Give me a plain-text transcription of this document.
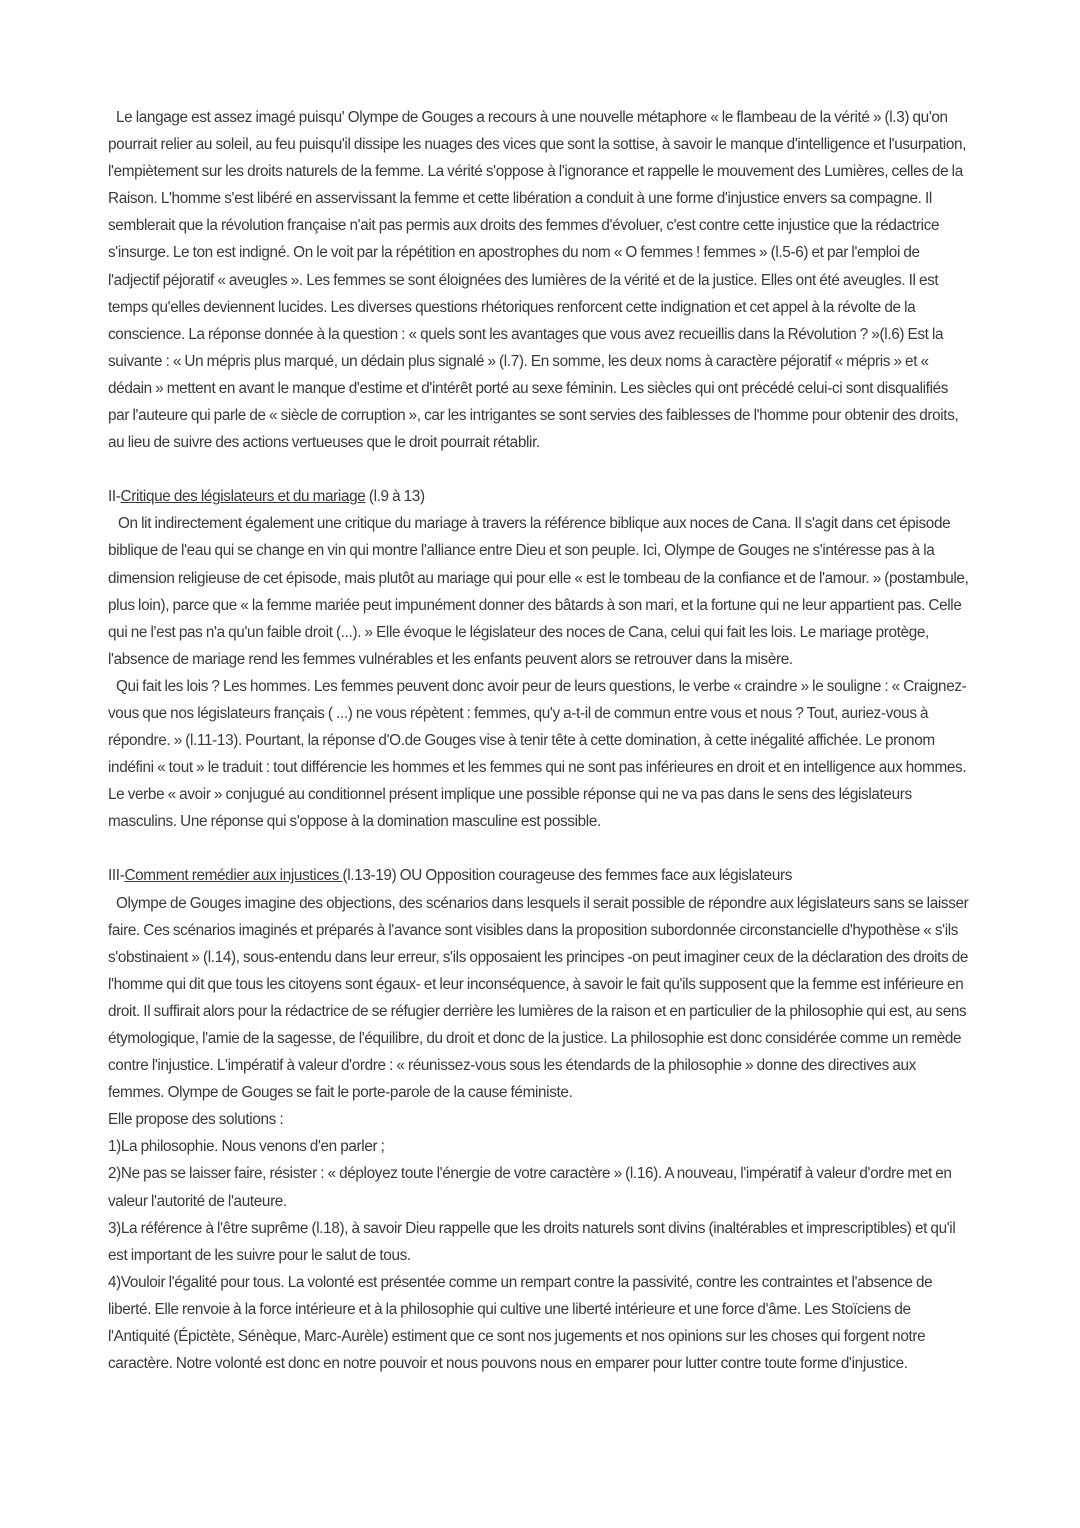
Le langage est assez imagé puisqu' Olympe de Gouges a recours à une nouvelle métaphore « le flambeau de la vérité » (l.3) qu'on pourrait relier au soleil, au feu puisqu'il dissipe les nuages des vices que sont la sottise, à savoir le manque d'intelligence et l'usurpation, l'empiètement sur les droits naturels de la femme. La vérité s'oppose à l'ignorance et rappelle le mouvement des Lumières, celles de la Raison. L'homme s'est libéré en asservissant la femme et cette libération a conduit à une forme d'injustice envers sa compagne. Il semblerait que la révolution française n'ait pas permis aux droits des femmes d'évoluer, c'est contre cette injustice que la rédactrice s'insurge. Le ton est indigné. On le voit par la répétition en apostrophes du nom « O femmes ! femmes » (l.5-6) et par l'emploi de l'adjectif péjoratif « aveugles ». Les femmes se sont éloignées des lumières de la vérité et de la justice. Elles ont été aveugles. Il est temps qu'elles deviennent lucides. Les diverses questions rhétoriques renforcent cette indignation et cet appel à la révolte de la conscience. La réponse donnée à la question : « quels sont les avantages que vous avez recueillis dans la Révolution ? »(l.6) Est la suivante : « Un mépris plus marqué, un dédain plus signalé » (l.7). En somme, les deux noms à caractère péjoratif « mépris » et « dédain » mettent en avant le manque d'estime et d'intérêt porté au sexe féminin. Les siècles qui ont précédé celui-ci sont disqualifiés par l'auteure qui parle de « siècle de corruption », car les intrigantes se sont servies des faiblesses de l'homme pour obtenir des droits, au lieu de suivre des actions vertueuses que le droit pourrait rétablir.

II-Critique des législateurs et du mariage (l.9 à 13)

On lit indirectement également une critique du mariage à travers la référence biblique aux noces de Cana. Il s'agit dans cet épisode biblique de l'eau qui se change en vin qui montre l'alliance entre Dieu et son peuple. Ici, Olympe de Gouges ne s'intéresse pas à la dimension religieuse de cet épisode, mais plutôt au mariage qui pour elle « est le tombeau de la confiance et de l'amour. » (postambule, plus loin), parce que « la femme mariée peut impunément donner des bâtards à son mari, et la fortune qui ne leur appartient pas. Celle qui ne l'est pas n'a qu'un faible droit (...). » Elle évoque le législateur des noces de Cana, celui qui fait les lois. Le mariage protège, l'absence de mariage rend les femmes vulnérables et les enfants peuvent alors se retrouver dans la misère.

Qui fait les lois ? Les hommes. Les femmes peuvent donc avoir peur de leurs questions, le verbe « craindre » le souligne : « Craignez-vous que nos législateurs français ( ...) ne vous répètent : femmes, qu'y a-t-il de commun entre vous et nous ? Tout, auriez-vous à répondre. » (l.11-13). Pourtant, la réponse d'O.de Gouges vise à tenir tête à cette domination, à cette inégalité affichée. Le pronom indéfini « tout » le traduit : tout différencie les hommes et les femmes qui ne sont pas inférieures en droit et en intelligence aux hommes. Le verbe « avoir » conjugué au conditionnel présent implique une possible réponse qui ne va pas dans le sens des législateurs masculins. Une réponse qui s'oppose à la domination masculine est possible.

III-Comment remédier aux injustices (l.13-19) OU Opposition courageuse des femmes face aux législateurs

Olympe de Gouges imagine des objections, des scénarios dans lesquels il serait possible de répondre aux législateurs sans se laisser faire. Ces scénarios imaginés et préparés à l'avance sont visibles dans la proposition subordonnée circonstancielle d'hypothèse « s'ils s'obstinaient » (l.14), sous-entendu dans leur erreur, s'ils opposaient les principes -on peut imaginer ceux de la déclaration des droits de l'homme qui dit que tous les citoyens sont égaux- et leur inconséquence, à savoir le fait qu'ils supposent que la femme est inférieure en droit. Il suffirait alors pour la rédactrice de se réfugier derrière les lumières de la raison et en particulier de la philosophie qui est, au sens étymologique, l'amie de la sagesse, de l'équilibre, du droit et donc de la justice. La philosophie est donc considérée comme un remède contre l'injustice. L'impératif à valeur d'ordre : « réunissez-vous sous les étendards de la philosophie » donne des directives aux femmes. Olympe de Gouges se fait le porte-parole de la cause féministe.

Elle propose des solutions :

1)La philosophie. Nous venons d'en parler ;

2)Ne pas se laisser faire, résister : « déployez toute l'énergie de votre caractère » (l.16). A nouveau, l'impératif à valeur d'ordre met en valeur l'autorité de l'auteure.

3)La référence à l'être suprême (l.18), à savoir Dieu rappelle que les droits naturels sont divins (inaltérables et imprescriptibles) et qu'il est important de les suivre pour le salut de tous.

4)Vouloir l'égalité pour tous. La volonté est présentée comme un rempart contre la passivité, contre les contraintes et l'absence de liberté. Elle renvoie à la force intérieure et à la philosophie qui cultive une liberté intérieure et une force d'âme. Les Stoïciens de l'Antiquité (Épictète, Sénèque, Marc-Aurèle) estiment que ce sont nos jugements et nos opinions sur les choses qui forgent notre caractère. Notre volonté est donc en notre pouvoir et nous pouvons nous en emparer pour lutter contre toute forme d'injustice.
